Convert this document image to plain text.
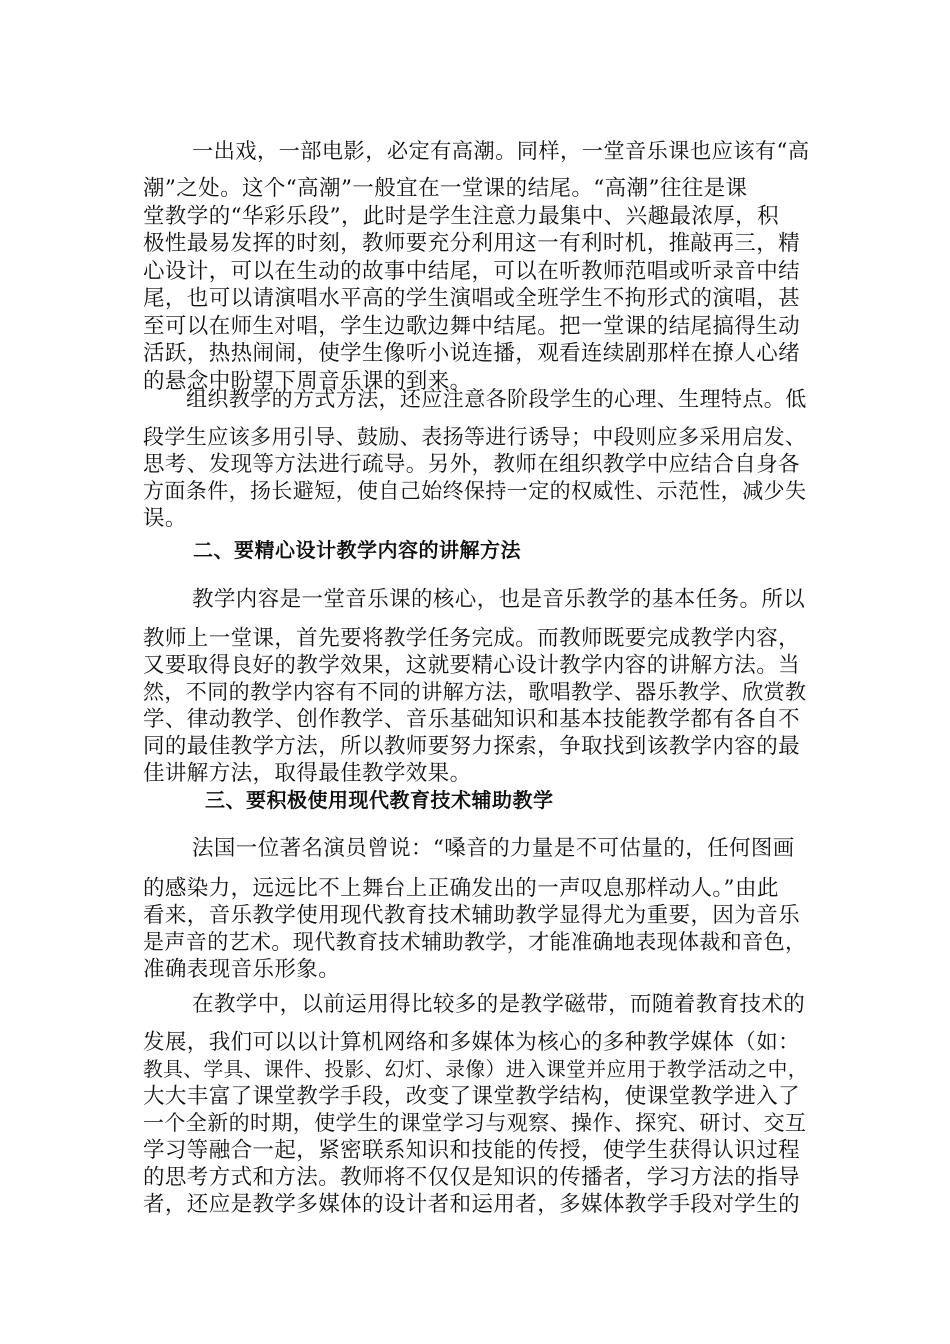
一出戏，一部电影，必定有高潮。同样，一堂音乐课也应该有“高
潮”之处。这个“高潮”一般宜在一堂课的结尾。“高潮”往往是课
堂教学的“华彩乐段”，此时是学生注意力最集中、兴趣最浓厚，积
极性最易发挥的时刻，教师要充分利用这一有利时机，推敲再三，精
心设计，可以在生动的故事中结尾，可以在听教师范唱或听录音中结
尾，也可以请演唱水平高的学生演唱或全班学生不拘形式的演唱，甚
至可以在师生对唱，学生边歌边舞中结尾。把一堂课的结尾搞得生动
活跃，热热闹闹，使学生像听小说连播，观看连续剧那样在撩人心绪
的悬念中盼望下周音乐课的到来。
组织教学的方式方法，还应注意各阶段学生的心理、生理特点。低
段学生应该多用引导、鼓励、表扬等进行诱导；中段则应多采用启发、
思考、发现等方法进行疏导。另外，教师在组织教学中应结合自身各
方面条件，扬长避短，使自己始终保持一定的权威性、示范性，减少失
误。
二、要精心设计教学内容的讲解方法
教学内容是一堂音乐课的核心，也是音乐教学的基本任务。所以
教师上一堂课，首先要将教学任务完成。而教师既要完成教学内容，
又要取得良好的教学效果，这就要精心设计教学内容的讲解方法。当
然，不同的教学内容有不同的讲解方法，歌唱教学、器乐教学、欣赏教
学、律动教学、创作教学、音乐基础知识和基本技能教学都有各自不
同的最佳教学方法，所以教师要努力探索，争取找到该教学内容的最
佳讲解方法，取得最佳教学效果。
三、要积极使用现代教育技术辅助教学
法国一位著名演员曾说：“嗓音的力量是不可估量的，任何图画
的感染力，远远比不上舞台上正确发出的一声叹息那样动人。”由此
看来，音乐教学使用现代教育技术辅助教学显得尤为重要，因为音乐
是声音的艺术。现代教育技术辅助教学，才能准确地表现体裁和音色，
准确表现音乐形象。
在教学中，以前运用得比较多的是教学磁带，而随着教育技术的
发展，我们可以以计算机网络和多媒体为核心的多种教学媒体（如：
教具、学具、课件、投影、幻灯、录像）进入课堂并应用于教学活动之中，
大大丰富了课堂教学手段，改变了课堂教学结构，使课堂教学进入了
一个全新的时期，使学生的课堂学习与观察、操作、探究、研讨、交互
学习等融合一起，紧密联系知识和技能的传授，使学生获得认识过程
的思考方式和方法。教师将不仅仅是知识的传播者，学习方法的指导
者，还应是教学多媒体的设计者和运用者，多媒体教学手段对学生的
